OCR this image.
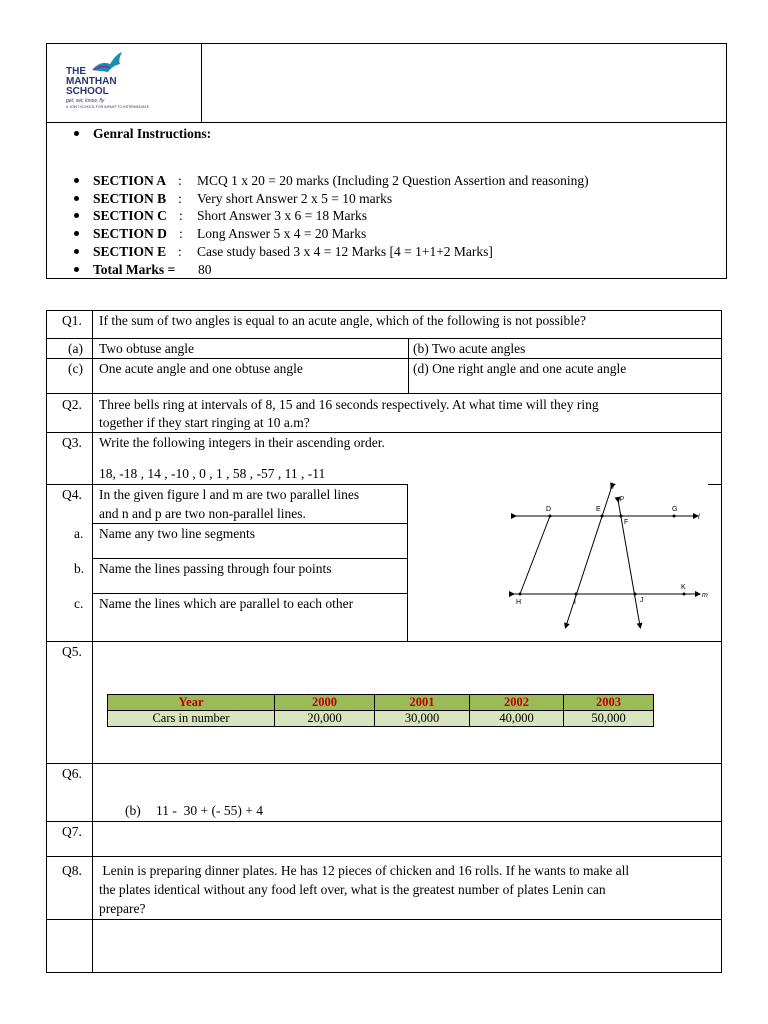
THE
MANTHAN
SCHOOL
get, set, know, fly
A JOINT SCHOOL FOR INFANT TO INTERMEDIATE
Genral Instructions:
SECTION A : MCQ 1 x 20 = 20 marks (Including 2 Question Assertion and reasoning)
SECTION B : Very short Answer 2 x 5 = 10 marks
SECTION C : Short Answer 3 x 6 = 18 Marks
SECTION D : Long Answer 5 x 4 = 20 Marks
SECTION E : Case study based 3 x 4 = 12 Marks [4 = 1+1+2 Marks]
Total Marks = 80
Q1. If the sum of two angles is equal to an acute angle, which of the following is not possible?
(a) Two obtuse angle	(b) Two acute angles
(c) One acute angle and one obtuse angle	(d) One right angle and one acute angle
Q2. Three bells ring at intervals of 8, 15 and 16 seconds respectively. At what time will they ring
together if they start ringing at 10 a.m?
Q3. Write the following integers in their ascending order.
18, -18 , 14 , -10 , 0 , 1 , 58 , -57 , 11 , -11
Q4. In the given figure l and m are two parallel lines
and n and p are two non-parallel lines.
a. Name any two line segments
b. Name the lines passing through four points
c. Name the lines which are parallel to each other
D	E
F
G
H	I	J
K
l
m
n
p
Q5.
Year	2000	2001	2002	2003
Cars in number	20,000	30,000	40,000	50,000
Q6.
(b) 11 -  30 + (- 55) + 4
Q7.
Q8. Lenin is preparing dinner plates. He has 12 pieces of chicken and 16 rolls. If he wants to make all
the plates identical without any food left over, what is the greatest number of plates Lenin can
prepare?
